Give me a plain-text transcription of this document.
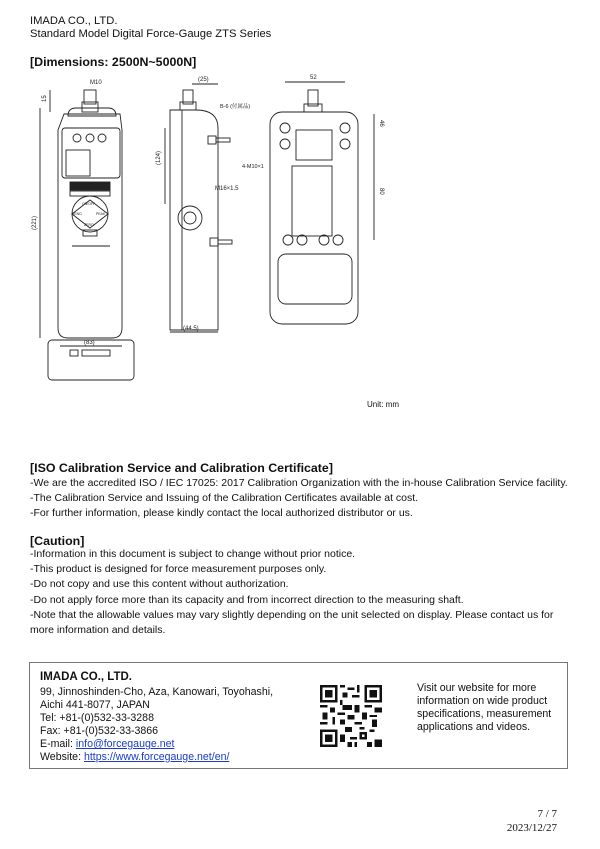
IMADA CO., LTD.
Standard Model Digital Force-Gauge ZTS Series
[Dimensions: 2500N~5000N]
M10
15
(221)
(83)
ON/OFF
SEND	PEAK
ZERO
(25)
(124)
B-6 (付属品)
M16×1.5
(44.5)
52
46
80
4-M10×1
Unit: mm
[ISO Calibration Service and Calibration Certificate]
-We are the accredited ISO / IEC 17025: 2017 Calibration Organization with the in-house Calibration Service facility.
-The Calibration Service and Issuing of the Calibration Certificates available at cost.
-For further information, please kindly contact the local authorized distributor or us.
[Caution]
-Information in this document is subject to change without prior notice.
-This product is designed for force measurement purposes only.
-Do not copy and use this content without authorization.
-Do not apply force more than its capacity and from incorrect direction to the measuring shaft.
-Note that the allowable values may vary slightly depending on the unit selected on display. Please contact us for more information and details.
IMADA CO., LTD.
99, Jinnoshinden-Cho, Aza, Kanowari, Toyohashi,
Aichi 441-8077, JAPAN
Tel: +81-(0)532-33-3288
Fax: +81-(0)532-33-3866
E-mail: info@forcegauge.net
Website: https://www.forcegauge.net/en/
Visit our website for more information on wide product specifications, measurement applications and videos.
7 / 7
2023/12/27
